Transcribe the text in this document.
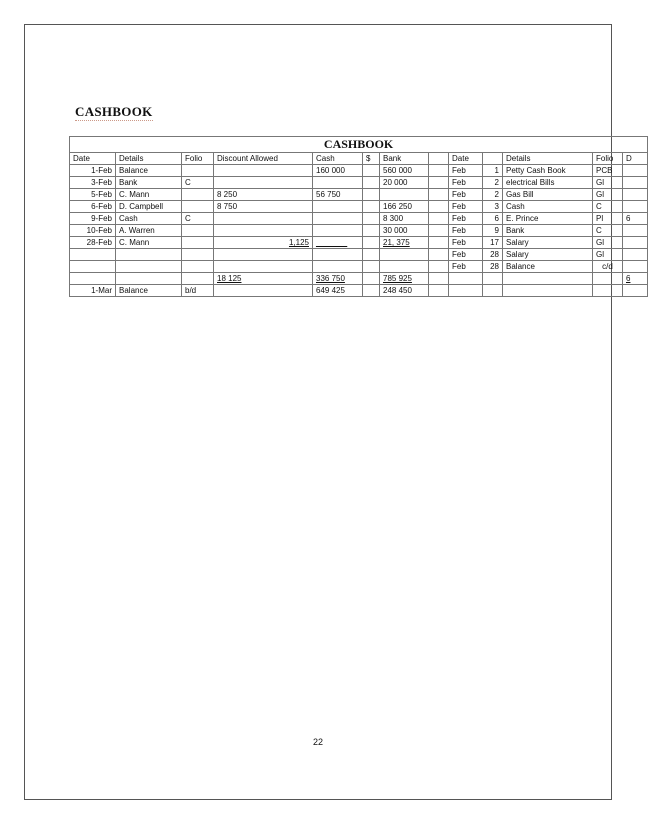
CASHBOOK
CASHBOOK												
Date	Details	Folio	Discount Allowed	Cash	$	Bank		Date		Details	Folio	D
1-Feb	Balance			160 000		560 000		Feb	1	Petty Cash Book	PCB	
3-Feb	Bank	C				20 000		Feb	2	electrical Bills	Gl	
5-Feb	C. Mann		8 250	56 750				Feb	2	Gas Bill	Gl	
6-Feb	D. Campbell		8 750			166 250		Feb	3	Cash	C	
9-Feb	Cash	C				8 300		Feb	6	E. Prince	Pl	6
10-Feb	A. Warren					30 000		Feb	9	Bank	C	
28-Feb	C. Mann		1,125	_______		21, 375		Feb	17	Salary	Gl	
								Feb	28	Salary	Gl	
								Feb	28	Balance	c/d	
			18 125	336 750		785 925						6
1-Mar	Balance	b/d		649 425		248 450						
22
